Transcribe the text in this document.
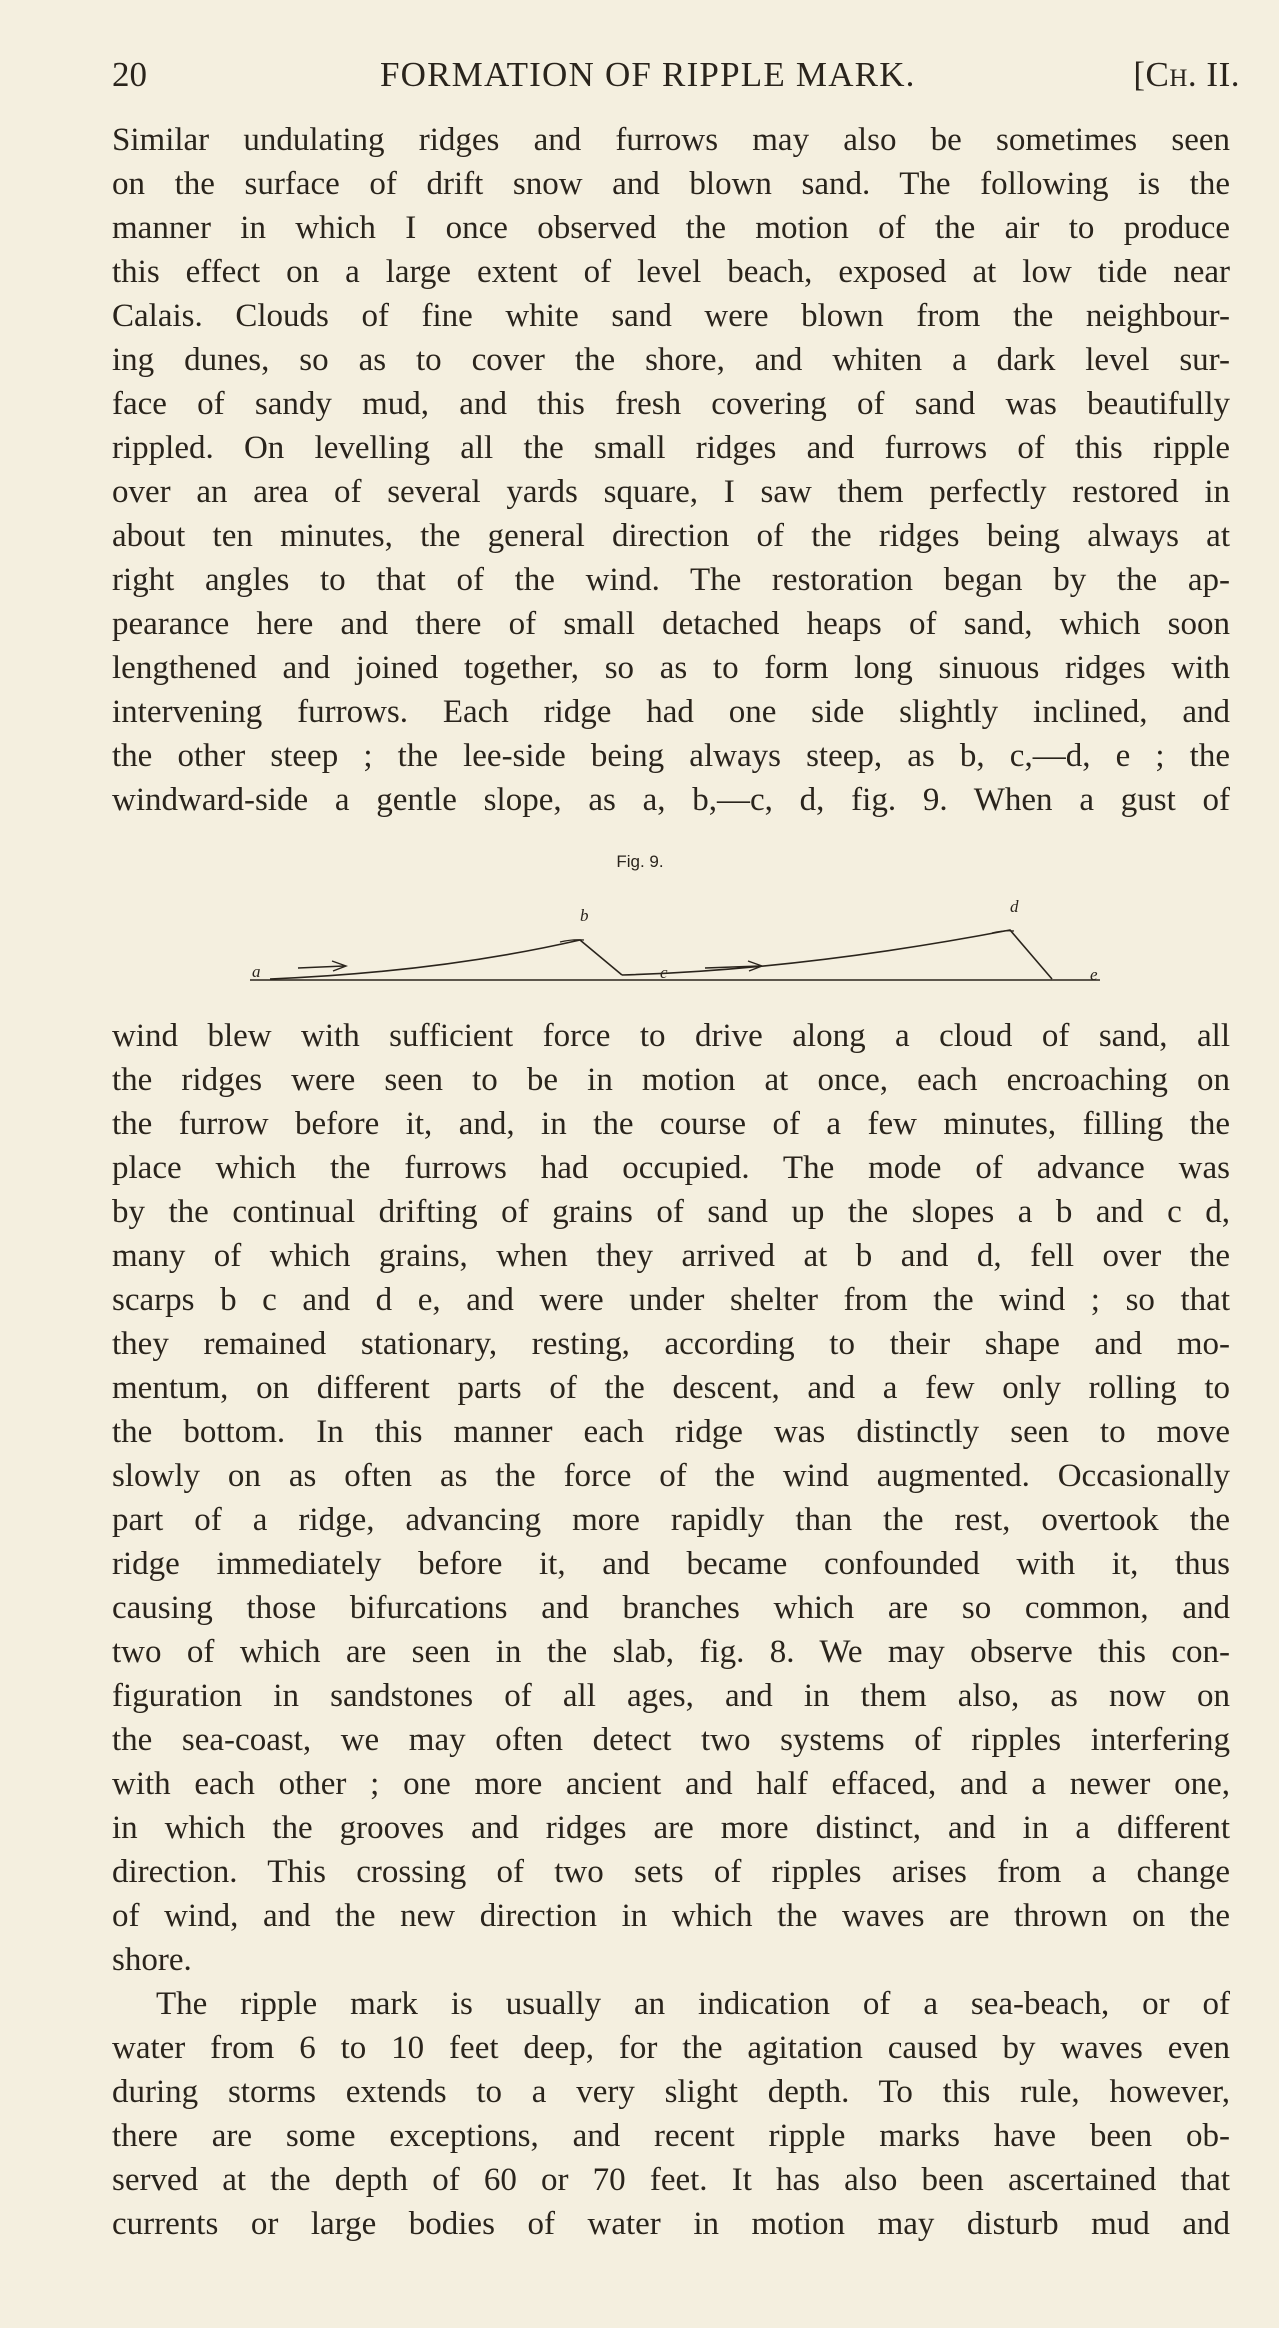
20	FORMATION OF RIPPLE MARK.	[Ch. II.
Similar undulating ridges and furrows may also be sometimes seen
on the surface of drift snow and blown sand. The following is the
manner in which I once observed the motion of the air to produce
this effect on a large extent of level beach, exposed at low tide near
Calais. Clouds of fine white sand were blown from the neighbour-
ing dunes, so as to cover the shore, and whiten a dark level sur-
face of sandy mud, and this fresh covering of sand was beautifully
rippled. On levelling all the small ridges and furrows of this ripple
over an area of several yards square, I saw them perfectly restored in
about ten minutes, the general direction of the ridges being always at
right angles to that of the wind. The restoration began by the ap-
pearance here and there of small detached heaps of sand, which soon
lengthened and joined together, so as to form long sinuous ridges with
intervening furrows. Each ridge had one side slightly inclined, and
the other steep ; the lee-side being always steep, as b, c,—d, e ; the
windward-side a gentle slope, as a, b,—c, d, fig. 9. When a gust of
Fig. 9.
a
b
c
d
e
wind blew with sufficient force to drive along a cloud of sand, all
the ridges were seen to be in motion at once, each encroaching on
the furrow before it, and, in the course of a few minutes, filling the
place which the furrows had occupied. The mode of advance was
by the continual drifting of grains of sand up the slopes a b and c d,
many of which grains, when they arrived at b and d, fell over the
scarps b c and d e, and were under shelter from the wind ; so that
they remained stationary, resting, according to their shape and mo-
mentum, on different parts of the descent, and a few only rolling to
the bottom. In this manner each ridge was distinctly seen to move
slowly on as often as the force of the wind augmented. Occasionally
part of a ridge, advancing more rapidly than the rest, overtook the
ridge immediately before it, and became confounded with it, thus
causing those bifurcations and branches which are so common, and
two of which are seen in the slab, fig. 8. We may observe this con-
figuration in sandstones of all ages, and in them also, as now on
the sea-coast, we may often detect two systems of ripples interfering
with each other ; one more ancient and half effaced, and a newer one,
in which the grooves and ridges are more distinct, and in a different
direction. This crossing of two sets of ripples arises from a change
of wind, and the new direction in which the waves are thrown on the
shore.
The ripple mark is usually an indication of a sea-beach, or of
water from 6 to 10 feet deep, for the agitation caused by waves even
during storms extends to a very slight depth. To this rule, however,
there are some exceptions, and recent ripple marks have been ob-
served at the depth of 60 or 70 feet. It has also been ascertained that
currents or large bodies of water in motion may disturb mud and
